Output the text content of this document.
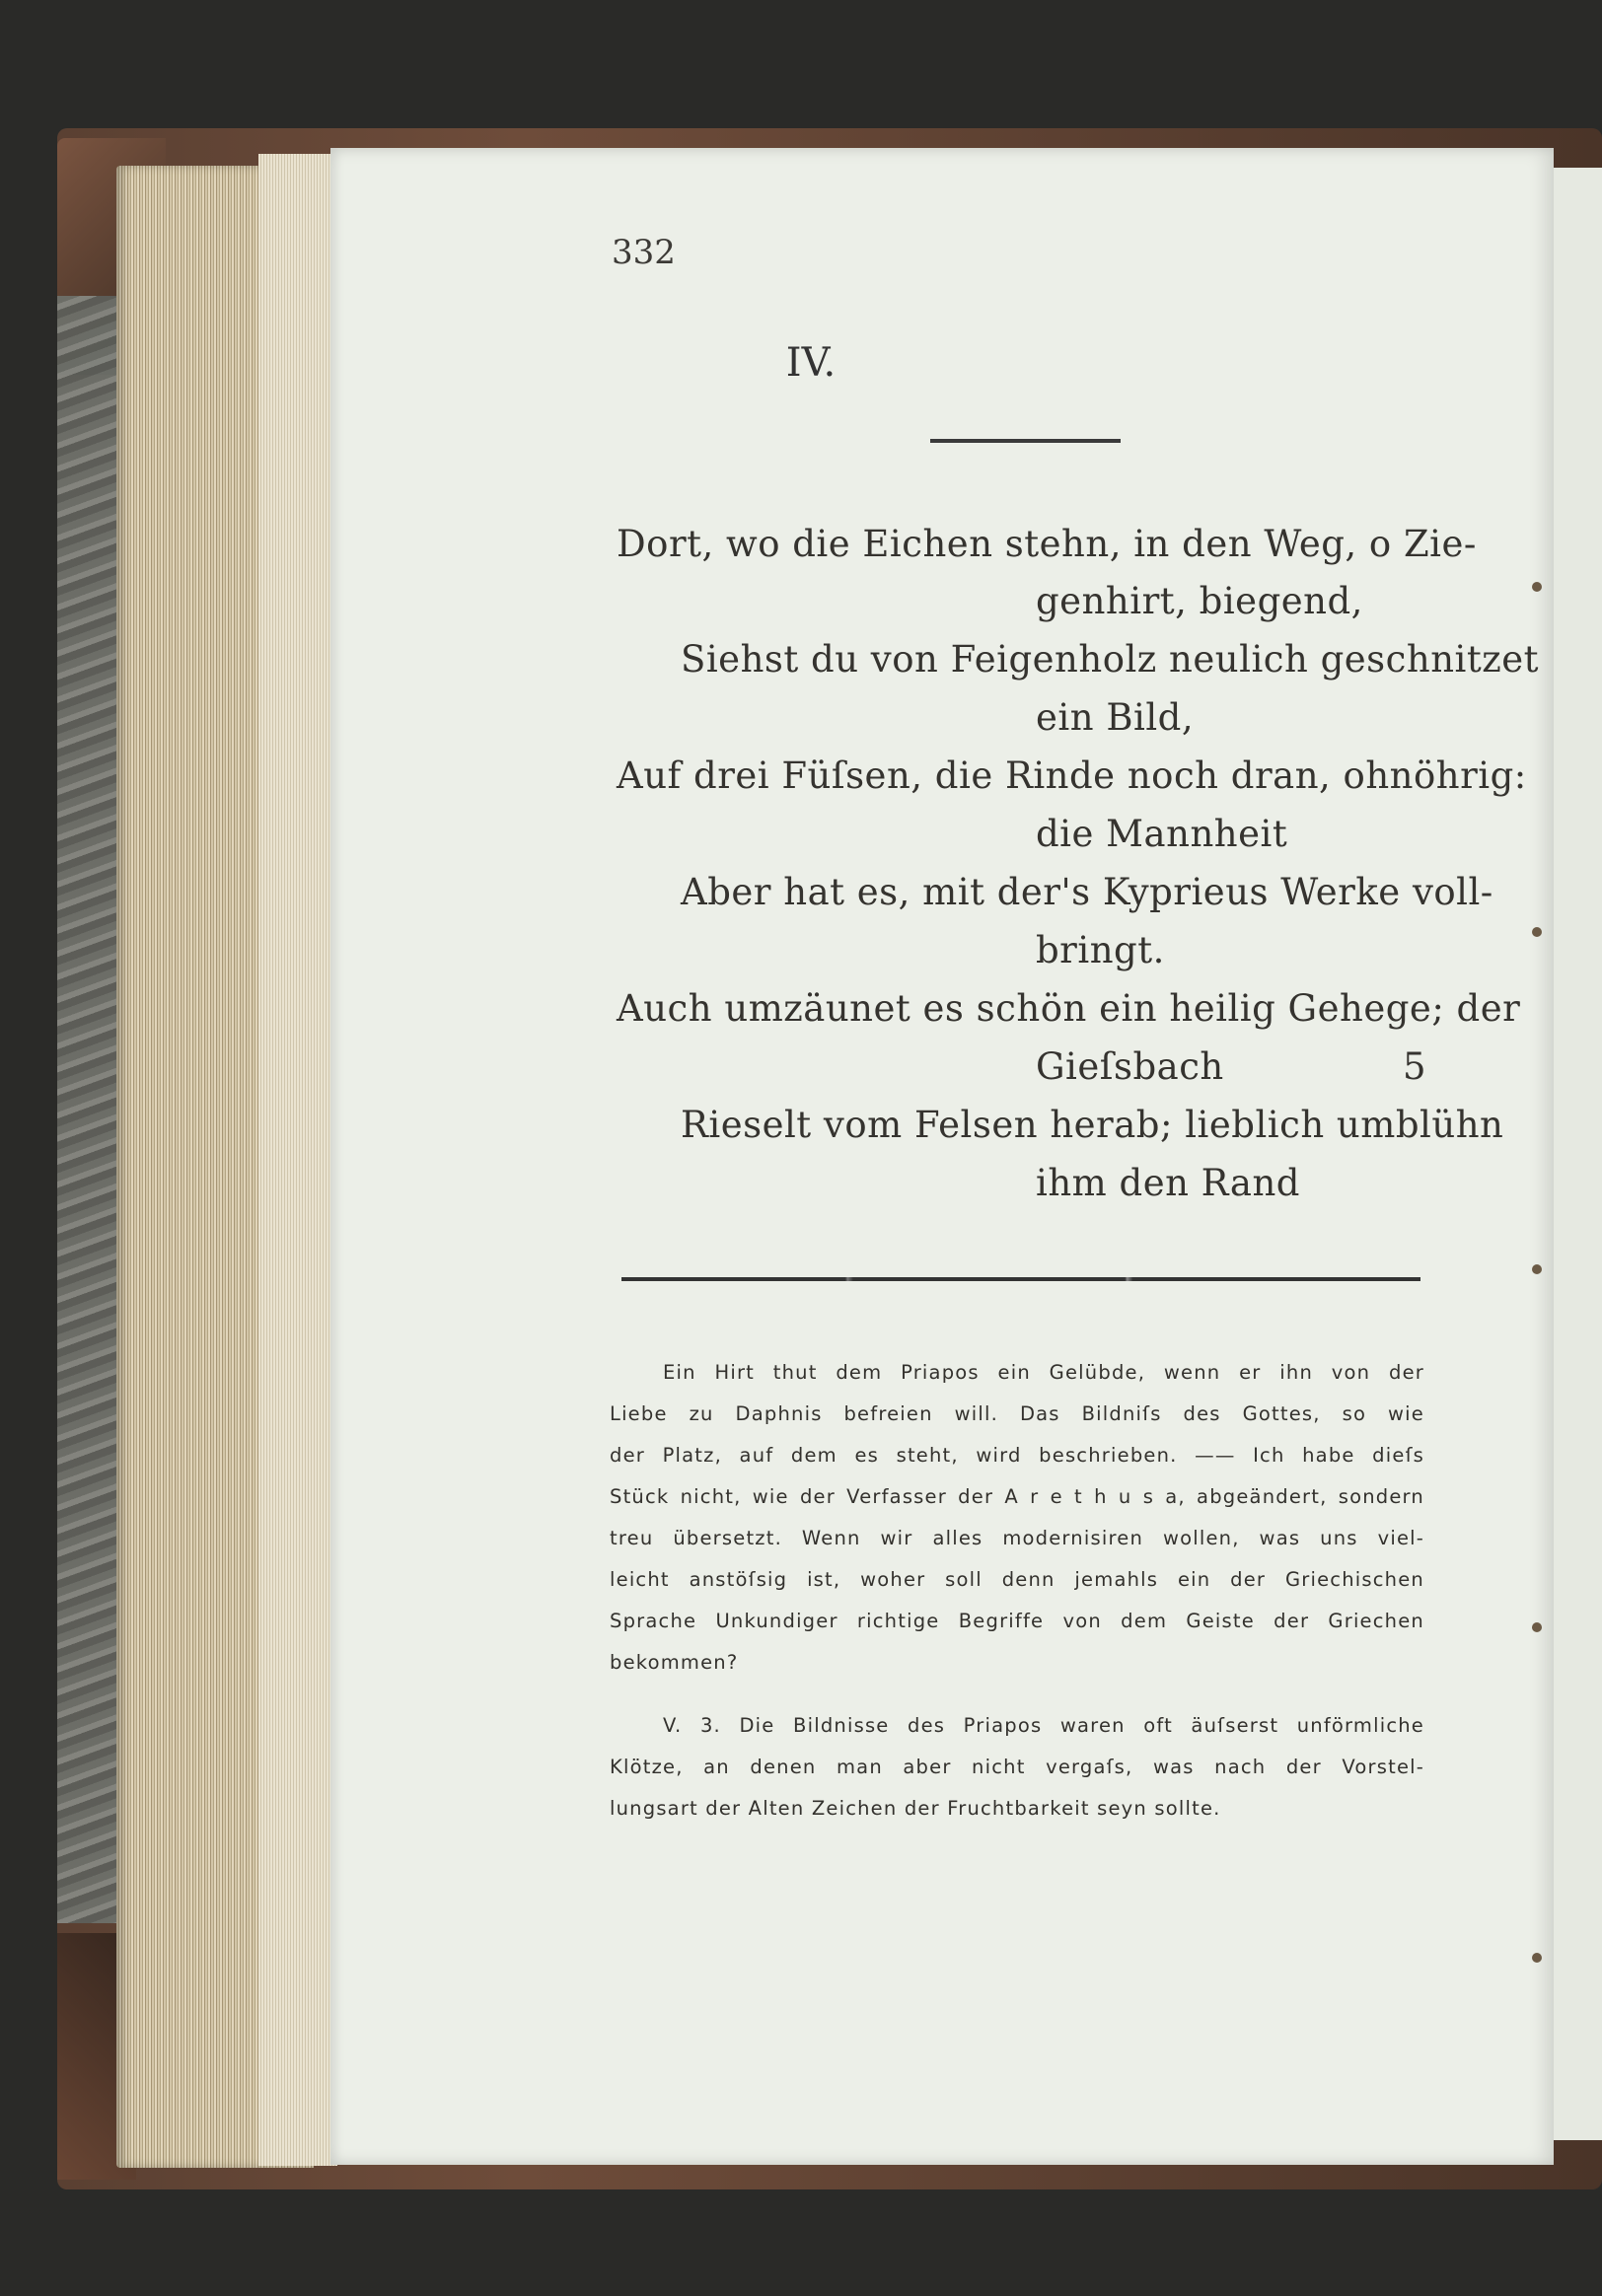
332
IV.
Dort, wo die Eichen stehn, in den Weg, o Zie-
genhirt, biegend,
Siehst du von Feigenholz neulich geschnitzet
ein Bild,
Auf drei Füſsen, die Rinde noch dran, ohnöhrig:
die Mannheit
Aber hat es, mit der's Kyprieus Werke voll-
bringt.
Auch umzäunet es schön ein heilig Gehege; der
Gieſsbach	5
Rieselt vom Felsen herab; lieblich umblühn
ihm den Rand
Ein Hirt thut dem Priapos ein Gelübde, wenn er ihn von der
Liebe zu Daphnis befreien will. Das Bildniſs des Gottes, so wie
der Platz, auf dem es steht, wird beschrieben. —— Ich habe dieſs
Stück nicht, wie der Verfasser der A r e t h u s a, abgeändert, sondern
treu übersetzt. Wenn wir alles modernisiren wollen, was uns viel-
leicht anstöſsig ist, woher soll denn jemahls ein der Griechischen
Sprache Unkundiger richtige Begriffe von dem Geiste der Griechen
bekommen?
V. 3. Die Bildnisse des Priapos waren oft äuſserst unförmliche
Klötze, an denen man aber nicht vergaſs, was nach der Vorstel-
lungsart der Alten Zeichen der Fruchtbarkeit seyn sollte.
